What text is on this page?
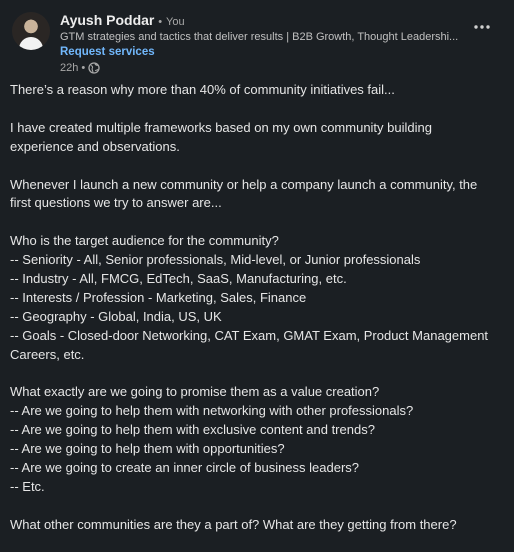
Ayush Poddar • You
GTM strategies and tactics that deliver results | B2B Growth, Thought Leadershi...
Request services
22h •
There’s a reason why more than 40% of community initiatives fail...
I have created multiple frameworks based on my own community building
experience and observations.
Whenever I launch a new community or help a company launch a community, the
first questions we try to answer are...
Who is the target audience for the community?
-- Seniority - All, Senior professionals, Mid-level, or Junior professionals
-- Industry - All, FMCG, EdTech, SaaS, Manufacturing, etc.
-- Interests / Profession - Marketing, Sales, Finance
-- Geography - Global, India, US, UK
-- Goals - Closed-door Networking, CAT Exam, GMAT Exam, Product Management
Careers, etc.
What exactly are we going to promise them as a value creation?
-- Are we going to help them with networking with other professionals?
-- Are we going to help them with exclusive content and trends?
-- Are we going to help them with opportunities?
-- Are we going to create an inner circle of business leaders?
-- Etc.
What other communities are they a part of? What are they getting from there?
